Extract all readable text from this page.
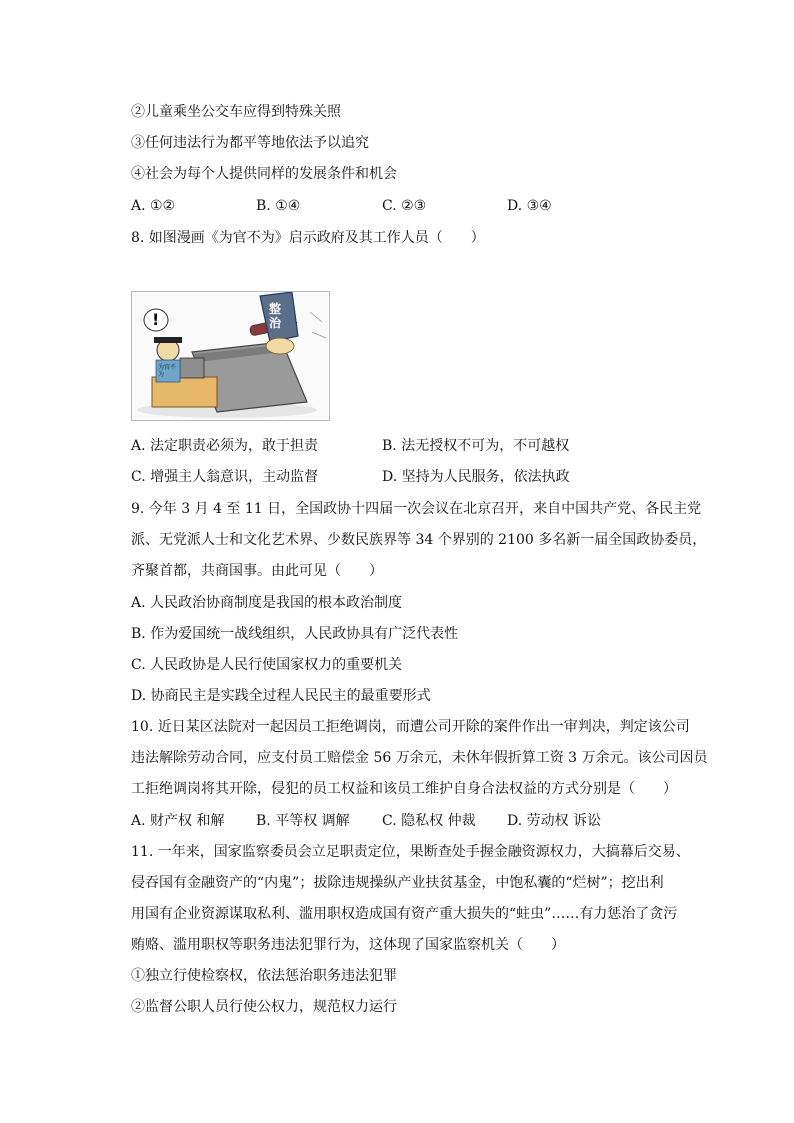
②儿童乘坐公交车应得到特殊关照
③任何违法行为都平等地依法予以追究
④社会为每个人提供同样的发展条件和机会
A. ①②	B. ①④	C. ②③	D. ③④
8. 如图漫画《为官不为》启示政府及其工作人员（　　）
整治
!
为官不为
A. 法定职责必须为，敢于担责	B. 法无授权不可为，不可越权
C. 增强主人翁意识，主动监督	D. 坚持为人民服务，依法执政
9. 今年 3 月 4 至 11 日，全国政协十四届一次会议在北京召开，来自中国共产党、各民主党
派、无党派人士和文化艺术界、少数民族界等 34 个界别的 2100 多名新一届全国政协委员，
齐聚首都，共商国事。由此可见（　　）
A. 人民政治协商制度是我国的根本政治制度
B. 作为爱国统一战线组织，人民政协具有广泛代表性
C. 人民政协是人民行使国家权力的重要机关
D. 协商民主是实践全过程人民民主的最重要形式
10. 近日某区法院对一起因员工拒绝调岗，而遭公司开除的案件作出一审判决，判定该公司
违法解除劳动合同，应支付员工赔偿金 56 万余元，未休年假折算工资 3 万余元。该公司因员
工拒绝调岗将其开除，侵犯的员工权益和该员工维护自身合法权益的方式分别是（　　）
A. 财产权 和解 B. 平等权 调解 C. 隐私权 仲裁 D. 劳动权 诉讼
11. 一年来，国家监察委员会立足职责定位，果断查处手握金融资源权力，大搞幕后交易、
侵吞国有金融资产的“内鬼”；拔除违规操纵产业扶贫基金，中饱私囊的“烂树”；挖出利
用国有企业资源谋取私利、滥用职权造成国有资产重大损失的“蛀虫”……有力惩治了贪污
贿赂、滥用职权等职务违法犯罪行为，这体现了国家监察机关（　　）
①独立行使检察权，依法惩治职务违法犯罪
②监督公职人员行使公权力，规范权力运行
